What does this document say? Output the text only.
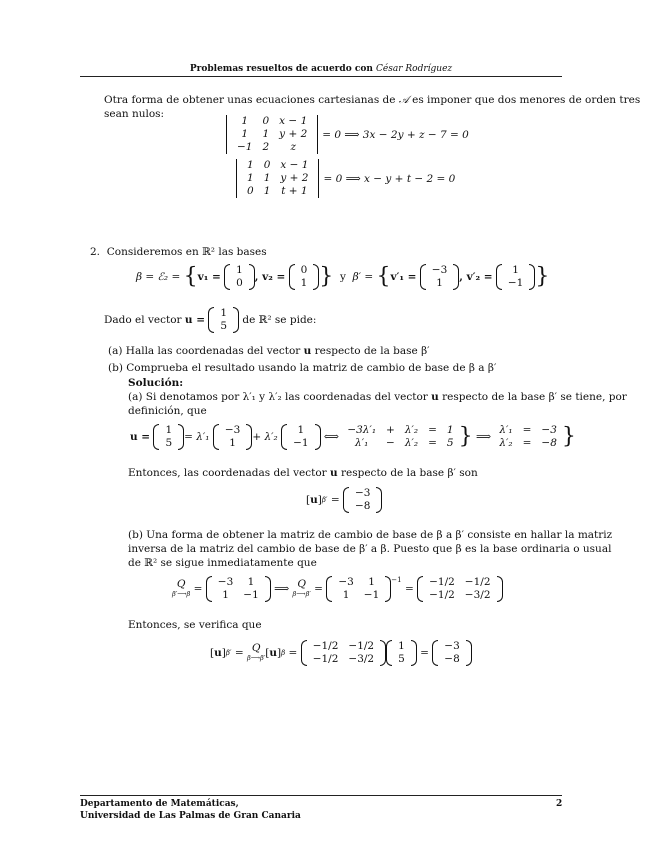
Problemas resueltos de acuerdo con César Rodríguez
Otra forma de obtener unas ecuaciones cartesianas de 𝒜 es imponer que dos menores de orden tres
sean nulos:
1	0	x − 1
1	1	y + 2
−1	2	z
= 0 ⟹ 3x − 2y + z − 7 = 0
1	0	x − 1
1	1	y + 2
0	1	t + 1
= 0 ⟹ x − y + t − 2 = 0
2. Consideremos en ℝ² las bases
β = ℰ₂ =
{ v₁ =

1
0 , v₂ =

0
1 }
y
β′ =
{ v′₁ =

−3
1 , v′₂ =

1
−1 }
Dado el vector
u =

1
5
de ℝ² se pide:
(a) Halla las coordenadas del vector u respecto de la base β′
(b) Comprueba el resultado usando la matriz de cambio de base de β a β′
Solución:
(a) Si denotamos por λ′₁ y λ′₂ las coordenadas del vector u respecto de la base β′ se tiene, por
definición, que
u =

1
5 = λ′₁

−3
1 + λ′₂

1
−1
⟺

−3λ′₁	+	λ′₂	=	1
λ′₁	−	λ′₂	=	5 }
⟹

λ′₁	=	−3
λ′₂	=	−8 }
Entonces, las coordenadas del vector u respecto de la base β′ son
[u] β′
=

−3
−8
(b) Una forma de obtener la matriz de cambio de base de β a β′ consiste en hallar la matriz
inversa de la matriz del cambio de base de β′ a β. Puesto que β es la base ordinaria o usual
de ℝ² se sigue inmediatamente que
Q
β′⟶β =
−3	1
1	−1
⟹
Q
β⟶β′ =
−3	1
1	−1
$^{-1}$
=
−1/2	−1/2
−1/2	−3/2
Entonces, se verifica que
[u] β′ = Q
β⟶β′ [u] β =
−1/2	−1/2
−1/2	−3/2
1
5 =
−3
−8
Departamento de Matemáticas,
Universidad de Las Palmas de Gran Canaria
2
